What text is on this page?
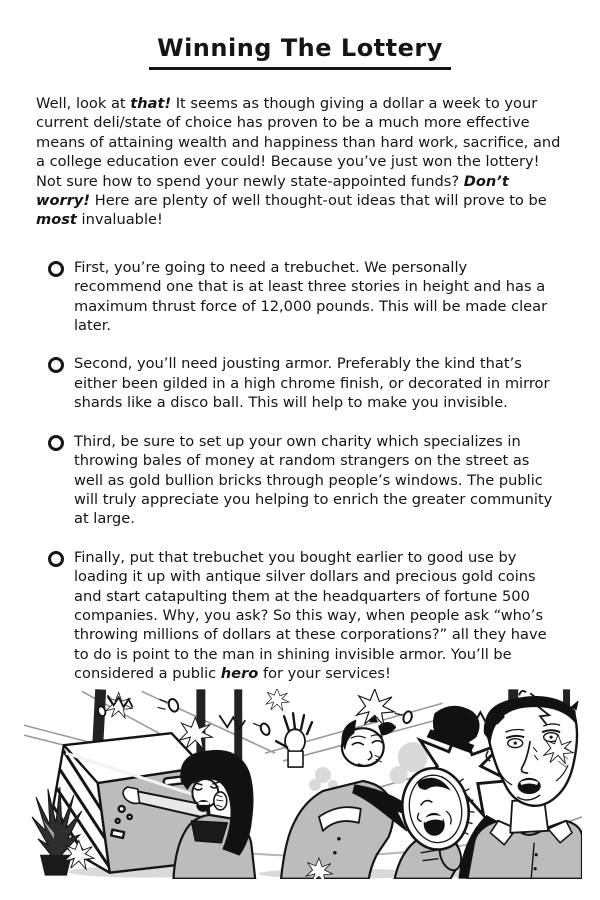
Winning The Lottery

Well, look at that! It seems as though giving a dollar a week to your current deli/state of choice has proven to be a much more effective means of attaining wealth and happiness than hard work, sacrifice, and a college education ever could! Because you’ve just won the lottery! Not sure how to spend your newly state-appointed funds? Don’t worry! Here are plenty of well thought-out ideas that will prove to be most invaluable!

First, you’re going to need a trebuchet. We personally recommend one that is at least three stories in height and has a maximum thrust force of 12,000 pounds. This will be made clear later.
Second, you’ll need jousting armor. Preferably the kind that’s either been gilded in a high chrome finish, or decorated in mirror shards like a disco ball. This will help to make you invisible.
Third, be sure to set up your own charity which specializes in throwing bales of money at random strangers on the street as well as gold bullion bricks through people’s windows. The public will truly appreciate you helping to enrich the greater community at large.
Finally, put that trebuchet you bought earlier to good use by loading it up with antique silver dollars and precious gold coins and start catapulting them at the headquarters of fortune 500 companies. Why, you ask? So this way, when people ask “who’s throwing millions of dollars at these corporations?” all they have to do is point to the man in shining invisible armor. You’ll be considered a public hero for your services!
